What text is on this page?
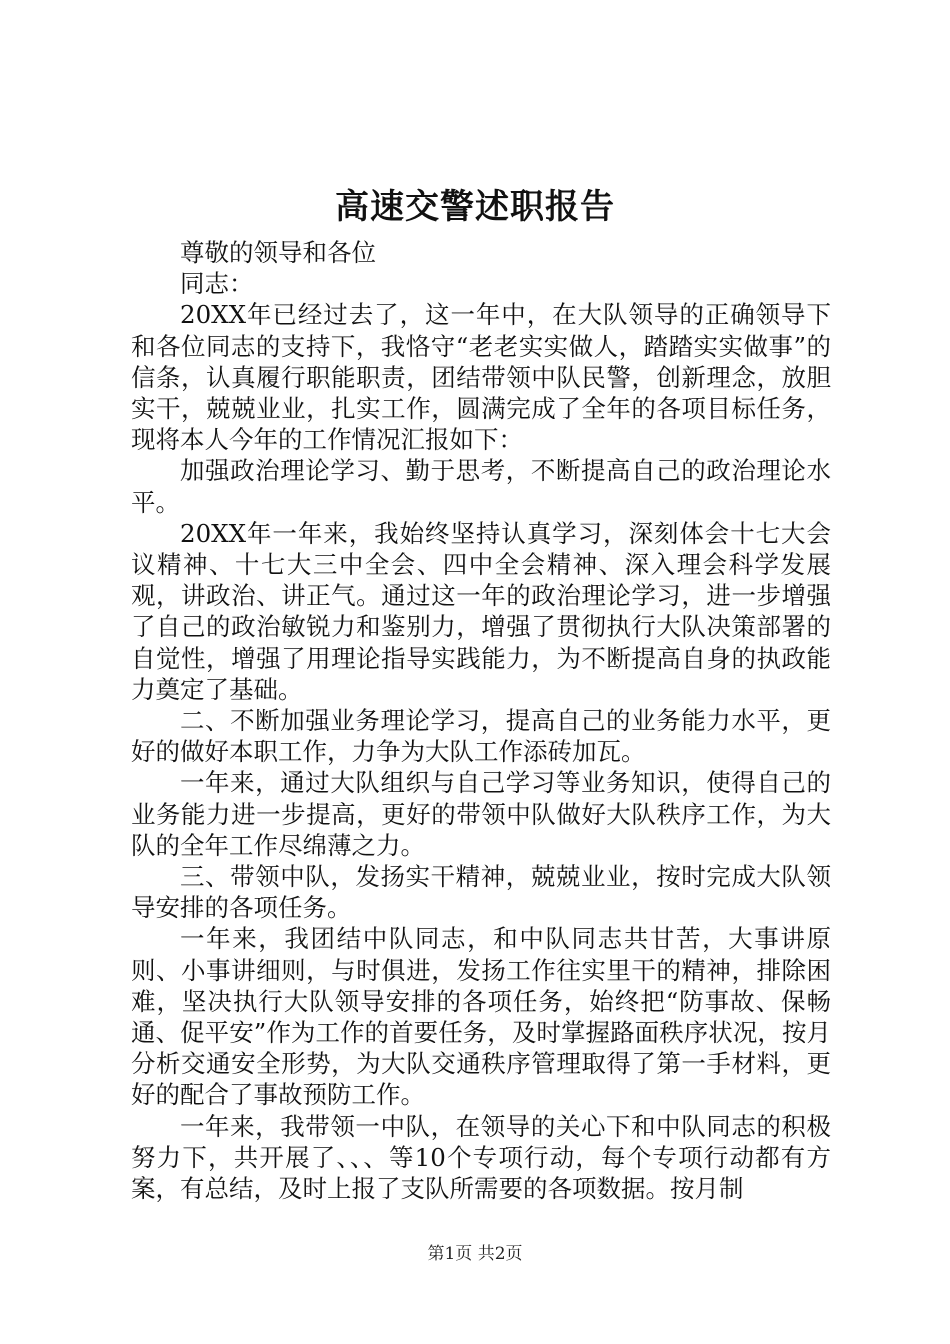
高速交警述职报告

尊敬的领导和各位

同志：

20XX年已经过去了，这一年中，在大队领导的正确领导下和各位同志的支持下，我恪守“老老实实做人，踏踏实实做事”的信条，认真履行职能职责，团结带领中队民警，创新理念，放胆实干，兢兢业业，扎实工作，圆满完成了全年的各项目标任务，现将本人今年的工作情况汇报如下：

加强政治理论学习、勤于思考，不断提高自己的政治理论水平。

20XX年一年来，我始终坚持认真学习，深刻体会十七大会议精神、十七大三中全会、四中全会精神、深入理会科学发展观，讲政治、讲正气。通过这一年的政治理论学习，进一步增强了自己的政治敏锐力和鉴别力，增强了贯彻执行大队决策部署的自觉性，增强了用理论指导实践能力，为不断提高自身的执政能力奠定了基础。

二、不断加强业务理论学习，提高自己的业务能力水平，更好的做好本职工作，力争为大队工作添砖加瓦。

一年来，通过大队组织与自己学习等业务知识，使得自己的业务能力进一步提高，更好的带领中队做好大队秩序工作，为大队的全年工作尽绵薄之力。

三、带领中队，发扬实干精神，兢兢业业，按时完成大队领导安排的各项任务。

一年来，我团结中队同志，和中队同志共甘苦，大事讲原则、小事讲细则，与时俱进，发扬工作往实里干的精神，排除困难，坚决执行大队领导安排的各项任务，始终把“防事故、保畅通、促平安”作为工作的首要任务，及时掌握路面秩序状况，按月分析交通安全形势，为大队交通秩序管理取得了第一手材料，更好的配合了事故预防工作。

一年来，我带领一中队，在领导的关心下和中队同志的积极努力下，共开展了、、、等10个专项行动，每个专项行动都有方案，有总结，及时上报了支队所需要的各项数据。按月制

第1页 共2页
